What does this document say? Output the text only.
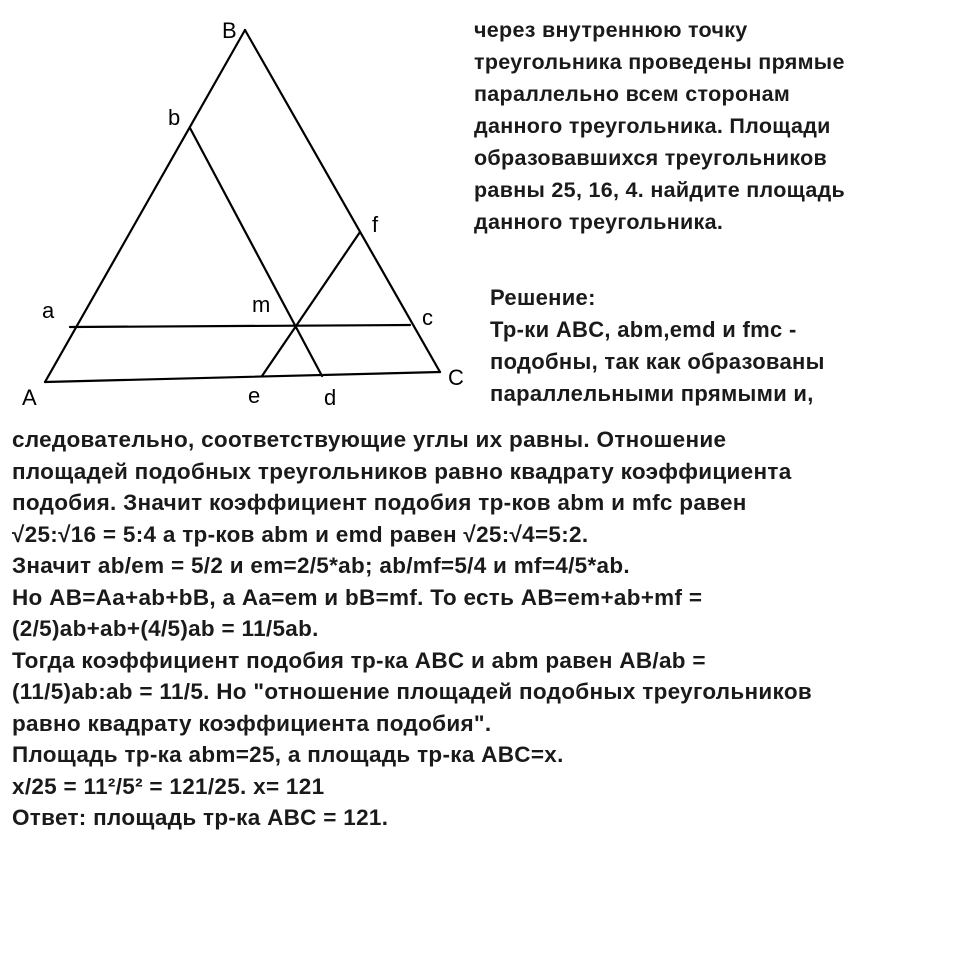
B
b
f
a	m
c
A	e	d
C
через внутреннюю точку
треугольника проведены прямые
параллельно всем сторонам
данного треугольника. Площади
образовавшихся треугольников
равны 25, 16, 4. найдите площадь
данного треугольника.
Решение:
Тр-ки ABC, abm,emd и fmc -
подобны, так как образованы
параллельными прямыми и,
следовательно, соответствующие углы их равны. Отношение
площадей подобных треугольников равно квадрату коэффициента
подобия. Значит коэффициент подобия тр-ков abm и mfc равен
√25:√16 = 5:4 а тр-ков abm и emd равен √25:√4=5:2.
Значит ab/em = 5/2 и em=2/5*ab; ab/mf=5/4 и mf=4/5*ab.
Но AB=Aa+ab+bB, а Aa=em и bB=mf. То есть AB=em+ab+mf =
(2/5)ab+ab+(4/5)ab = 11/5ab.
Тогда коэффициент подобия тр-ка ABC и abm равен AB/ab =
(11/5)ab:ab = 11/5. Но "отношение площадей подобных треугольников
равно квадрату коэффициента подобия".
Площадь тр-ка abm=25, а площадь тр-ка ABC=x.
x/25 = 11²/5² = 121/25. x= 121
Ответ: площадь тр-ка ABC = 121.
